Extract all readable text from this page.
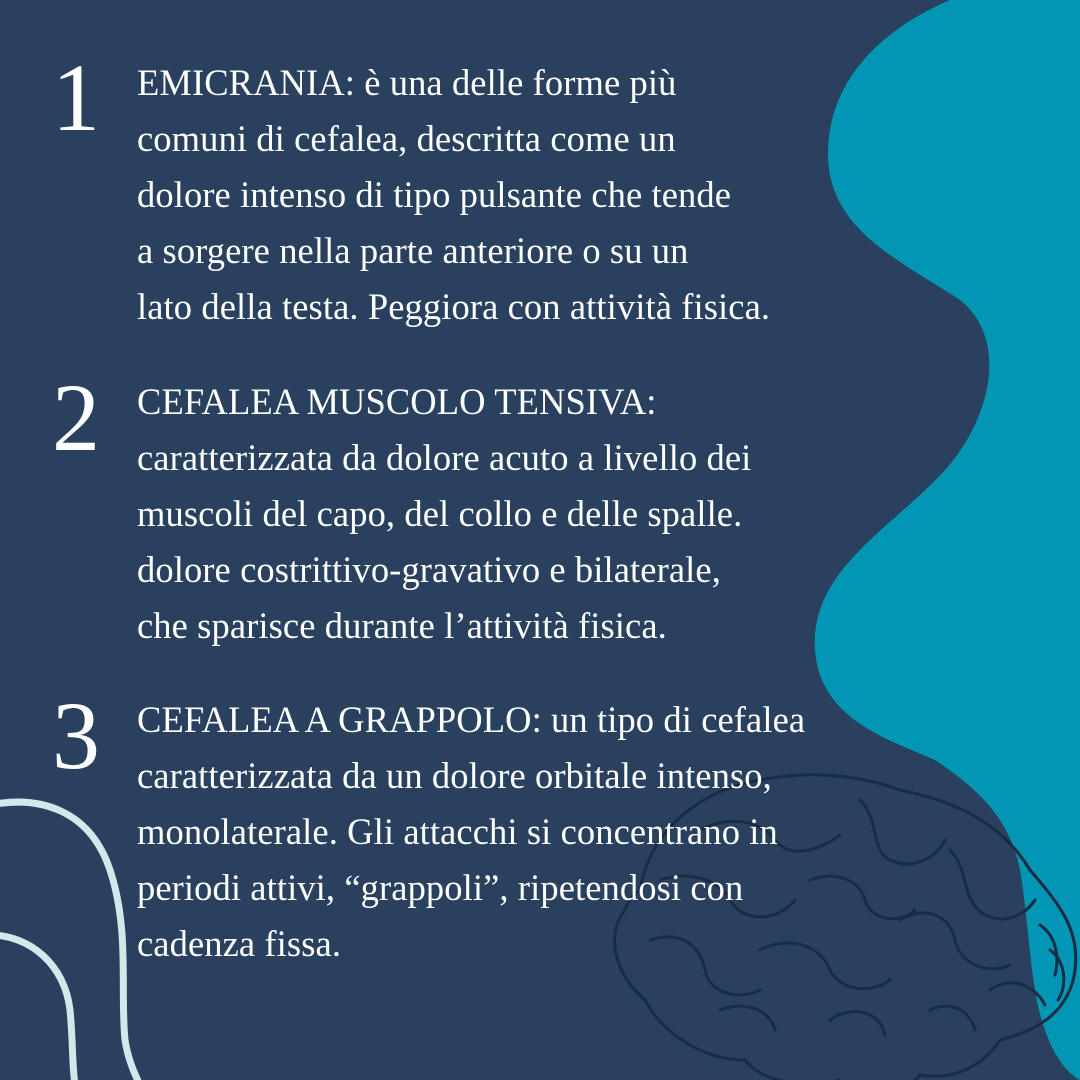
1	EMICRANIA: è una delle forme più
comuni di cefalea, descritta come un
dolore intenso di tipo pulsante che tende
a sorgere nella parte anteriore o su un
lato della testa. Peggiora con attività fisica.
2	CEFALEA MUSCOLO TENSIVA:
caratterizzata da dolore acuto a livello dei
muscoli del capo, del collo e delle spalle.
dolore costrittivo-gravativo e bilaterale,
che sparisce durante l’attività fisica.
3	CEFALEA A GRAPPOLO: un tipo di cefalea
caratterizzata da un dolore orbitale intenso,
monolaterale. Gli attacchi si concentrano in
periodi attivi, “grappoli”, ripetendosi con
cadenza fissa.
